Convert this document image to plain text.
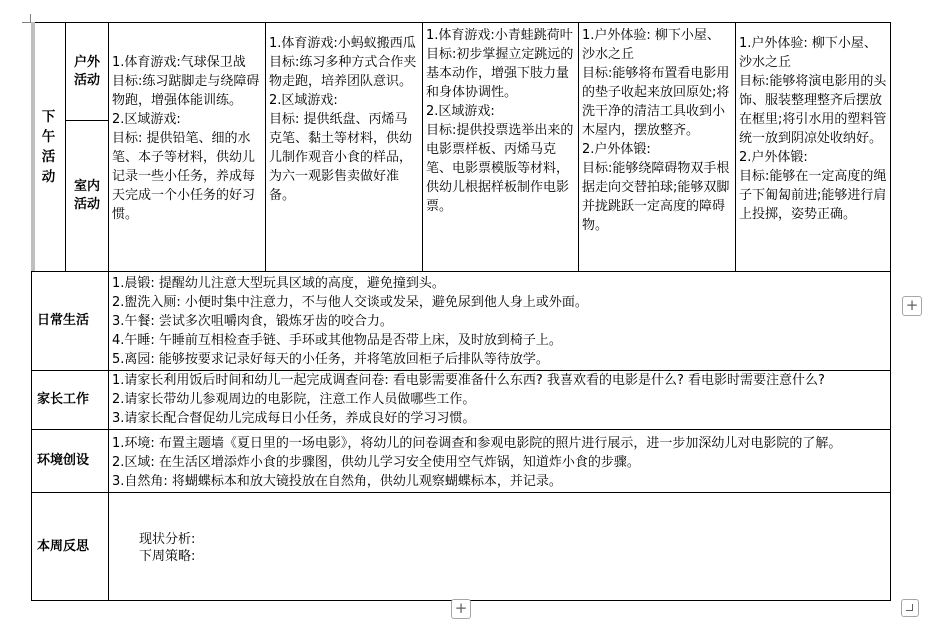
下午活动	户外活动	1.体育游戏:气球保卫战
目标:练习踮脚走与绕障碍物跑，增强体能训练。
2.区域游戏:
目标: 提供铅笔、细的水笔、本子等材料，供幼儿记录一些小任务，养成每天完成一个小任务的好习惯。	1.体育游戏:小蚂蚁搬西瓜
目标:练习多种方式合作夹物走跑，培养团队意识。
2.区域游戏:
目标: 提供纸盘、丙烯马克笔、黏土等材料，供幼儿制作观音小食的样品，为六一观影售卖做好准备。	1.体育游戏:小青蛙跳荷叶
目标:初步掌握立定跳远的基本动作，增强下肢力量和身体协调性。
2.区域游戏:
目标:提供投票选举出来的电影票样板、丙烯马克笔、电影票模版等材料，供幼儿根据样板制作电影票。	1.户外体验: 柳下小屋、沙水之丘
目标:能够将布置看电影用的垫子收起来放回原处;将洗干净的清洁工具收到小木屋内，摆放整齐。
2.户外体锻:
目标:能够绕障碍物双手根据走向交替拍球;能够双脚并拢跳跃一定高度的障碍物。	1.户外体验: 柳下小屋、沙水之丘
目标:能够将演电影用的头饰、服装整理整齐后摆放在框里;将引水用的塑料管统一放到阴凉处收纳好。
2.户外体锻:
目标:能够在一定高度的绳子下匍匐前进;能够进行肩上投掷，姿势正确。

	室内活动					
日常生活		1.晨锻: 提醒幼儿注意大型玩具区域的高度，避免撞到头。
2.盥洗入厕: 小便时集中注意力，不与他人交谈或发呆，避免尿到他人身上或外面。
3.午餐: 尝试多次咀嚼肉食，锻炼牙齿的咬合力。
4.午睡: 午睡前互相检查手链、手环或其他物品是否带上床，及时放到椅子上。
5.离园: 能够按要求记录好每天的小任务，并将笔放回柜子后排队等待放学。				

家长工作		1.请家长利用饭后时间和幼儿一起完成调查问卷: 看电影需要准备什么东西? 我喜欢看的电影是什么? 看电影时需要注意什么?
2.请家长带幼儿参观周边的电影院，注意工作人员做哪些工作。
3.请家长配合督促幼儿完成每日小任务，养成良好的学习习惯。				

环境创设		1.环境: 布置主题墙《夏日里的一场电影》，将幼儿的问卷调查和参观电影院的照片进行展示，进一步加深幼儿对电影院的了解。
2.区域: 在生活区增添炸小食的步骤图，供幼儿学习安全使用空气炸锅，知道炸小食的步骤。
3.自然角: 将蝴蝶标本和放大镜投放在自然角，供幼儿观察蝴蝶标本，并记录。				

本周反思		现状分析:
下周策略:				
+
+
